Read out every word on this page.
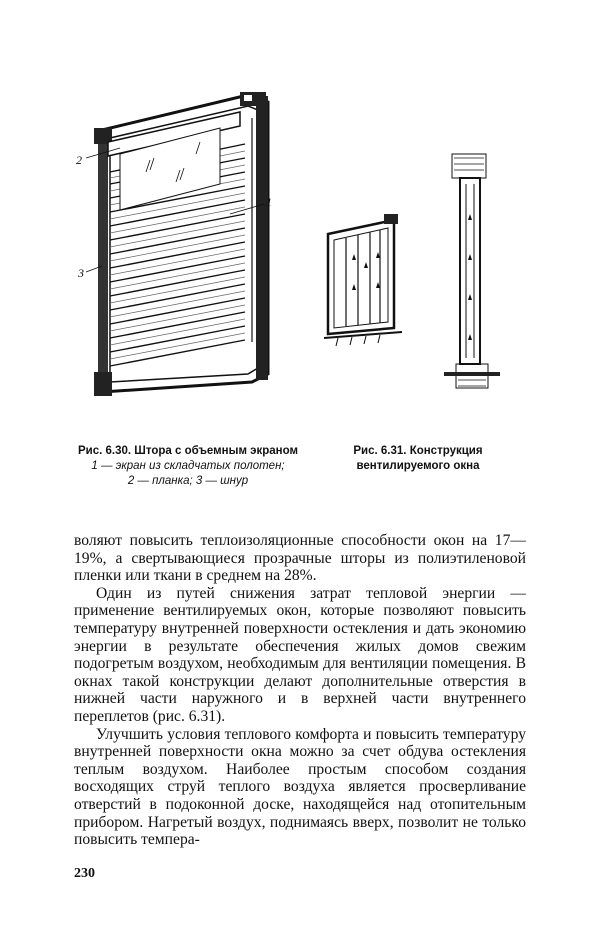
1
2
3
Рис. 6.30. Штора с объемным экраном
1 — экран из складчатых полотен;
2 — планка; 3 — шнур
Рис. 6.31. Конструкция вентилируемого окна

воляют повысить теплоизоляционные способности окон на 17—19%, а свертывающиеся прозрачные шторы из полиэтиленовой пленки или ткани в среднем на 28%.

Один из путей снижения затрат тепловой энергии — применение вентилируемых окон, которые позволяют повысить температуру внутренней поверхности остекления и дать экономию энергии в результате обеспечения жилых домов свежим подогретым воздухом, необходимым для вентиляции помещения. В окнах такой конструкции делают дополнительные отверстия в нижней части наружного и в верхней части внутреннего переплетов (рис. 6.31).

Улучшить условия теплового комфорта и повысить температуру внутренней поверхности окна можно за счет обдува остекления теплым воздухом. Наиболее простым способом создания восходящих струй теплого воздуха является просверливание отверстий в подоконной доске, находящейся над отопительным прибором. Нагретый воздух, поднимаясь вверх, позволит не только повысить темпера-

230
